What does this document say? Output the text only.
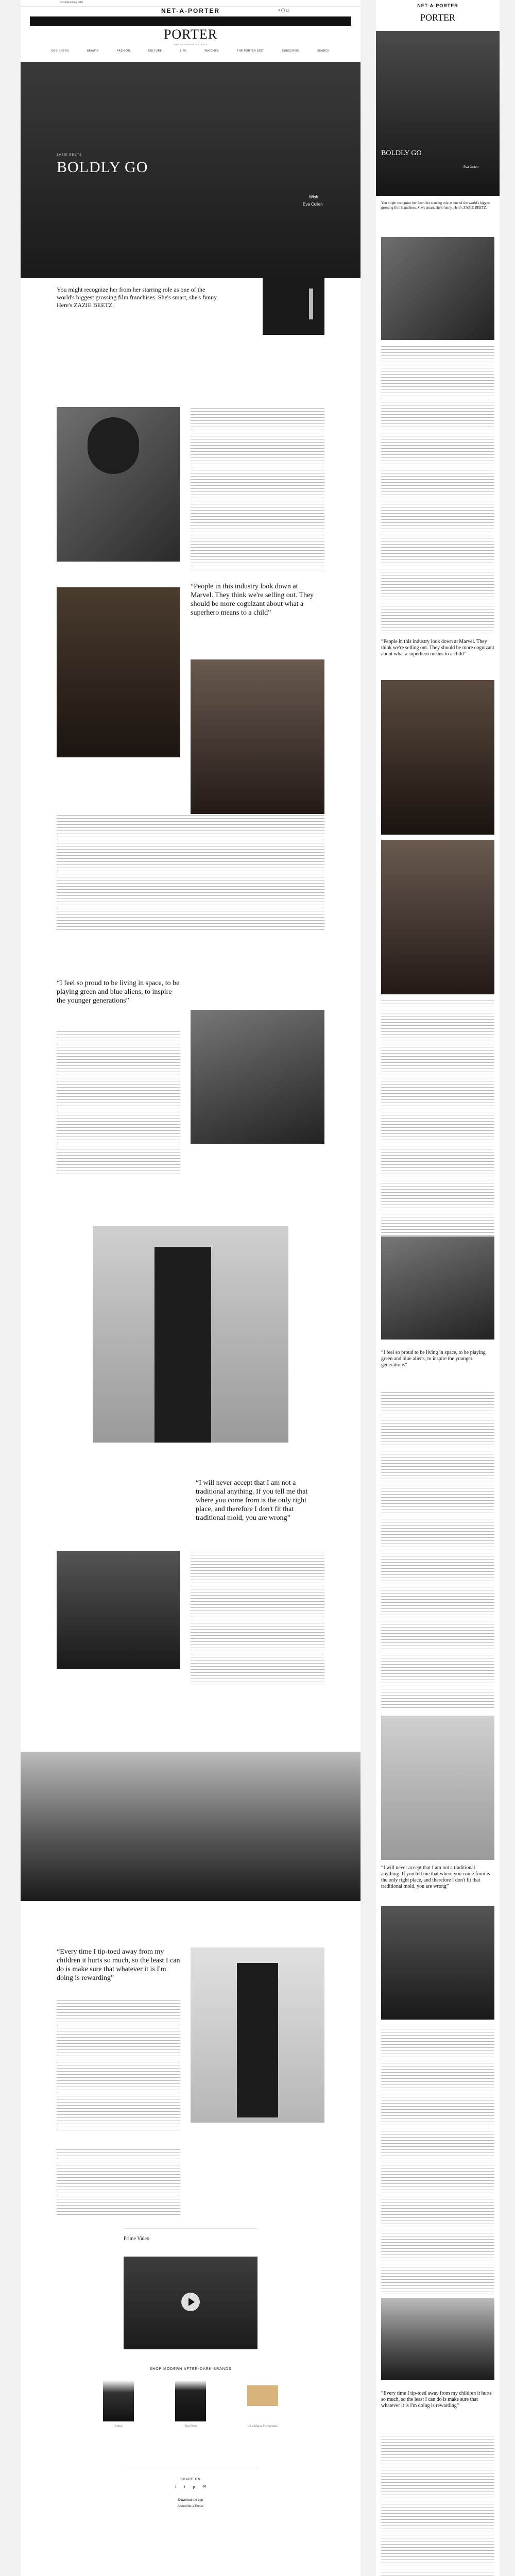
Complimentary Gifts
NET-A-PORTER	⌕ ◯ ▢
PORTER
THE ALTERNATIVE EDIT
DESIGNERS	BEAUTY	FASHION	CULTURE	LIFE	WATCHES	THE PORTER EDIT	SUBSCRIBE	SEARCH
ZAZIE BEETZ
BOLDLY GO
Wish
Eva Cullen
You might recognize her from her starring role as one of the world's biggest grossing film franchises. She's smart, she's funny. Here's ZAZIE BEETZ.
“People in this industry look down at Marvel. They think we're selling out. They should be more cognizant about what a superhero means to a child”
“I feel so proud to be living in space, to be playing green and blue aliens, to inspire the younger generations”
“I will never accept that I am not a traditional anything. If you tell me that where you come from is the only right place, and therefore I don't fit that traditional mold, you are wrong”
“Every time I tip-toed away from my children it hurts so much, so the least I can do is make sure that whatever it is I'm doing is rewarding”
Prime Video
SHOP MODERN AFTER-DARK BRANDS
Dolce	The Row	Lisa Marie Fernandez
SHARE ON
f t p ✉
Download the app
About Net-a-Porter
NET-A-PORTER
PORTER
BOLDLY GO
Eva Cullen
You might recognize her from her starring role as one of the world's biggest grossing film franchises. She's smart, she's funny. Here's ZAZIE BEETZ.
“People in this industry look down at Marvel. They think we're selling out. They should be more cognizant about what a superhero means to a child”
“I feel so proud to be living in space, to be playing green and blue aliens, to inspire the younger generations”
“I will never accept that I am not a traditional anything. If you tell me that where you come from is the only right place, and therefore I don't fit that traditional mold, you are wrong”
“Every time I tip-toed away from my children it hurts so much, so the least I can do is make sure that whatever it is I'm doing is rewarding”
